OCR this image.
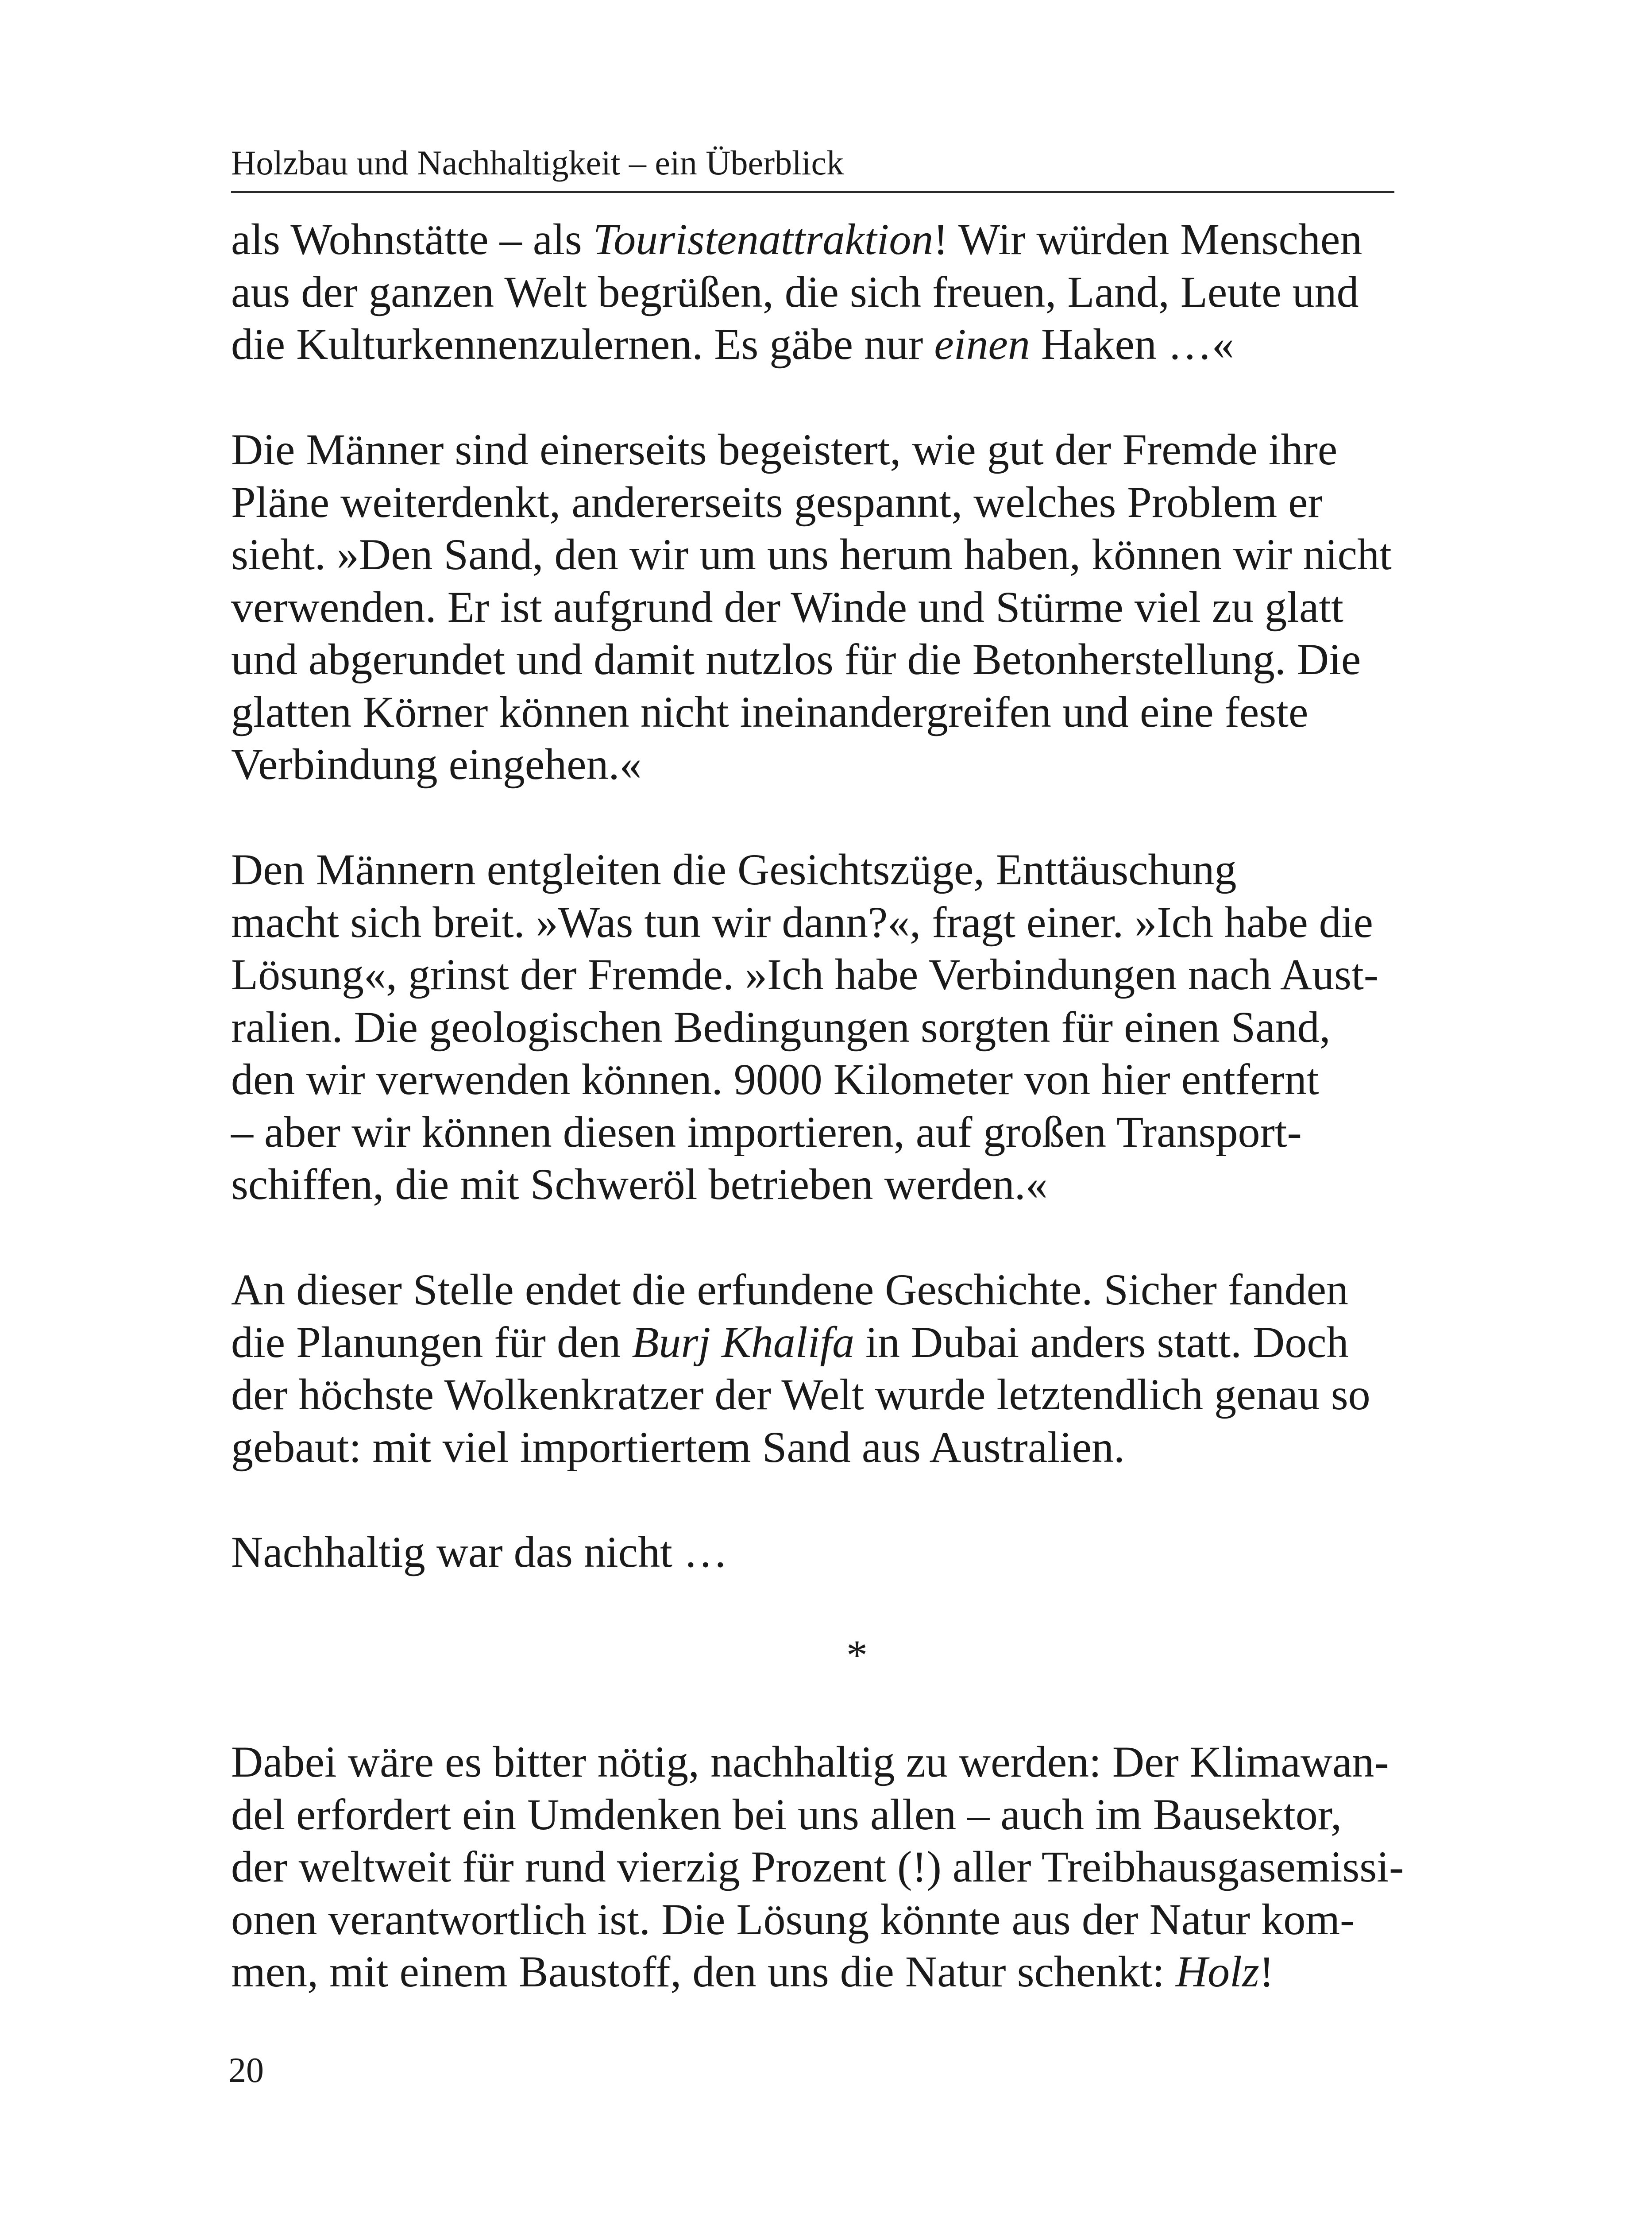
Holzbau und Nachhaltigkeit – ein Überblick
als Wohnstätte – als Touristenattraktion! Wir würden Menschen
aus der ganzen Welt begrüßen, die sich freuen, Land, Leute und
die Kulturkennenzulernen. Es gäbe nur einen Haken …«
Die Männer sind einerseits begeistert, wie gut der Fremde ihre
Pläne weiterdenkt, andererseits gespannt, welches Problem er
sieht. »Den Sand, den wir um uns herum haben, können wir nicht
verwenden. Er ist aufgrund der Winde und Stürme viel zu glatt
und abgerundet und damit nutzlos für die Betonherstellung. Die
glatten Körner können nicht ineinandergreifen und eine feste
Verbindung eingehen.«
Den Männern entgleiten die Gesichtszüge, Enttäuschung
macht sich breit. »Was tun wir dann?«, fragt einer. »Ich habe die
Lösung«, grinst der Fremde. »Ich habe Verbindungen nach Aust-
ralien. Die geologischen Bedingungen sorgten für einen Sand,
den wir verwenden können. 9000 Kilometer von hier entfernt
– aber wir können diesen importieren, auf großen Transport-
schiffen, die mit Schweröl betrieben werden.«
An dieser Stelle endet die erfundene Geschichte. Sicher fanden
die Planungen für den Burj Khalifa in Dubai anders statt. Doch
der höchste Wolkenkratzer der Welt wurde letztendlich genau so
gebaut: mit viel importiertem Sand aus Australien.
Nachhaltig war das nicht …
*
Dabei wäre es bitter nötig, nachhaltig zu werden: Der Klimawan-
del erfordert ein Umdenken bei uns allen – auch im Bausektor,
der weltweit für rund vierzig Prozent (!) aller Treibhausgasemissi-
onen verantwortlich ist. Die Lösung könnte aus der Natur kom-
men, mit einem Baustoff, den uns die Natur schenkt: Holz!
20
